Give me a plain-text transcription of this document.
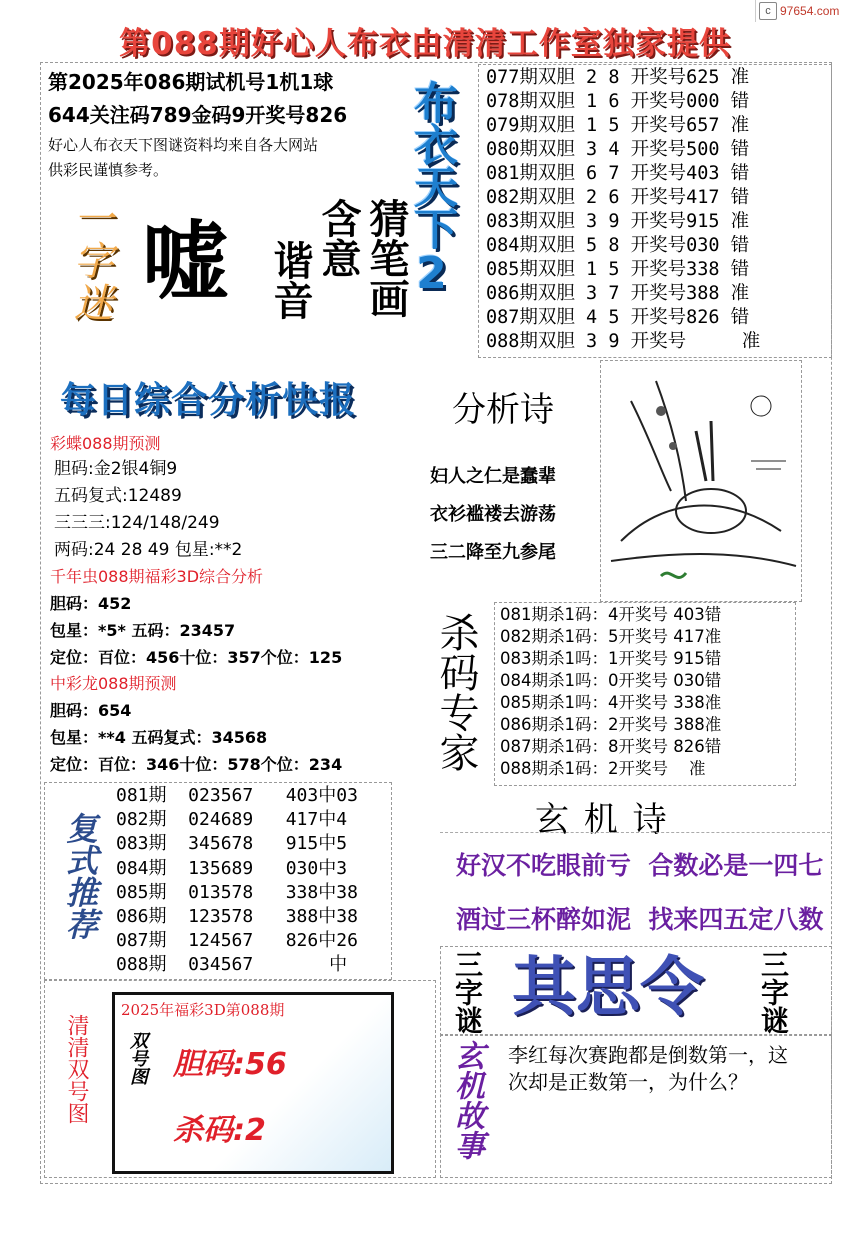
c 97654.com
第088期好心人布衣由清清工作室独家提供
第2025年086期试机号1机1球
644关注码789金码9开奖号826
好心人布衣天下图谜资料均来自各大网站
供彩民谨慎参考。
一字迷 嘘	猜笔画
含意
谐音 布衣天下2
077期双胆 2 8 开奖号625 准
078期双胆 1 6 开奖号000 错
079期双胆 1 5 开奖号657 准
080期双胆 3 4 开奖号500 错
081期双胆 6 7 开奖号403 错
082期双胆 2 6 开奖号417 错
083期双胆 3 9 开奖号915 准
084期双胆 5 8 开奖号030 错
085期双胆 1 5 开奖号338 错
086期双胆 3 7 开奖号388 准
087期双胆 4 5 开奖号826 错
088期双胆 3 9 开奖号     准
每日综合分析快报
彩蝶088期预测
胆码:金2银4铜9
五码复式:12489
三三三:124/148/249
两码:24 28 49 包星:**2
千年虫088期福彩3D综合分析
胆码：452
包星：*5* 五码：23457
定位：百位：456十位：357个位：125
中彩龙088期预测
胆码：654
包星：**4 五码复式：34568
定位：百位：346十位：578个位：234
分析诗
妇人之仁是蠢辈
衣衫褴褛去游荡
三二降至九参尾
杀码专家 081期杀1码：4开奖号 403错
082期杀1码：5开奖号 417准
083期杀1吗：1开奖号 915错
084期杀1吗：0开奖号 030错
085期杀1吗：4开奖号 338准
086期杀1码：2开奖号 388准
087期杀1码：8开奖号 826错
088期杀1码：2开奖号    准
复式推荐
081期  023567   403中03
082期  024689   417中4
083期  345678   915中5
084期  135689   030中3
085期  013578   338中38
086期  123578   388中38
087期  124567   826中26
088期  034567       中
玄 机 诗
好汉不吃眼前亏  合数必是一四七
酒过三杯醉如泥  找来四五定八数
三字谜 其思令 三字谜
清清双号图
2025年福彩3D第088期
双号图 胆码:56
杀码:2	玄机故事 李红每次赛跑都是倒数第一，这次却是正数第一，为什么？
